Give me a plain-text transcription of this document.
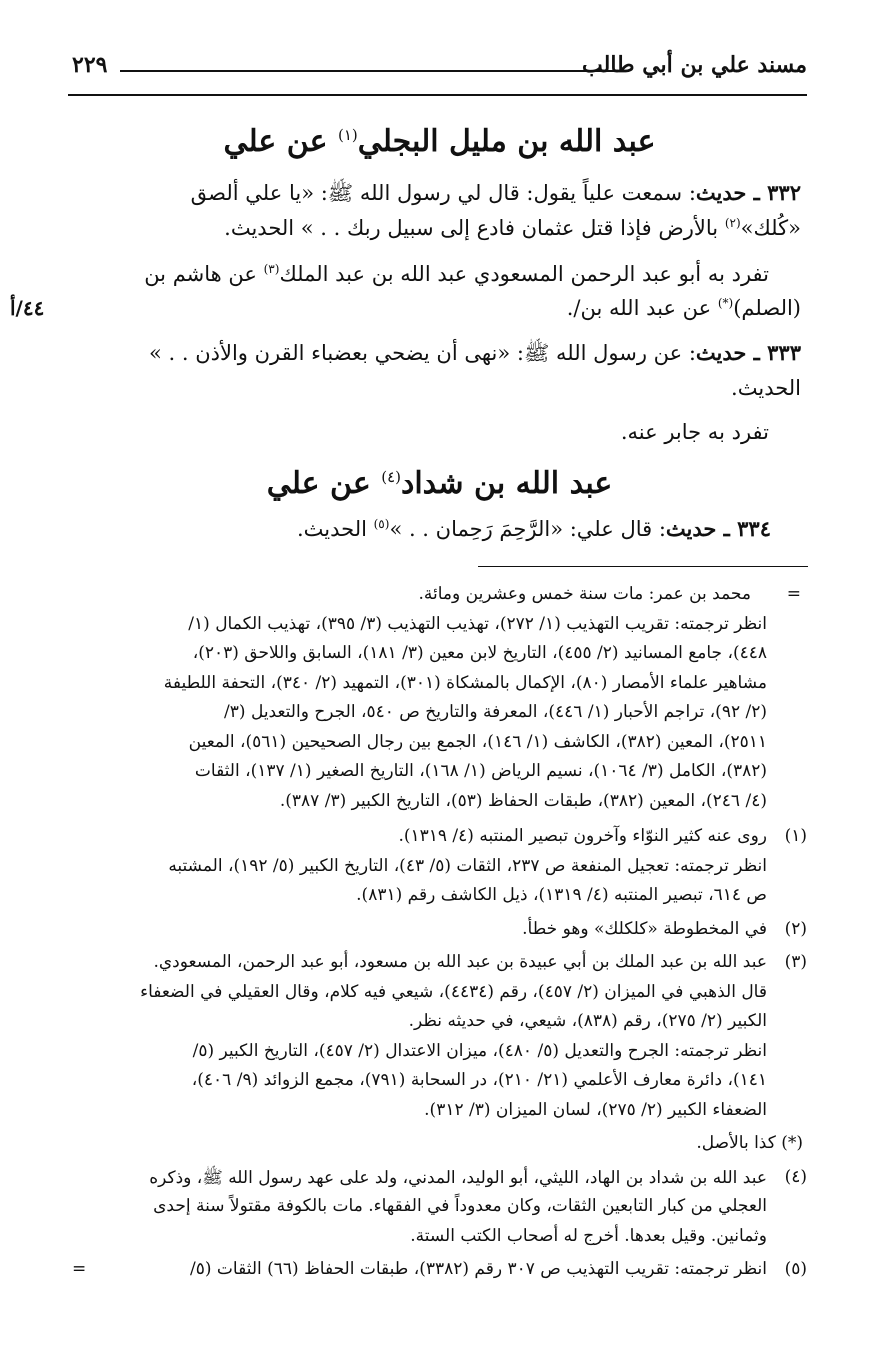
مسند علي بن أبي طالب
٢٢٩
عبد الله بن مليل البجلي$^{(١)}$ عن علي
٣٣٢ ـ حديث: سمعت علياً يقول: قال لي رسول الله ﷺ: «يا علي ألصق
«كُلك»$^{(٢)}$ بالأرض فإذا قتل عثمان فادع إلى سبيل ربك . . » الحديث.
تفرد به أبو عبد الرحمن المسعودي عبد الله بن عبد الملك$^{(٣)}$ عن هاشم بن
(الصلم)(*) عن عبد الله بن/.
٤٤/أ
٣٣٣ ـ حديث: عن رسول الله ﷺ: «نهى أن يضحي بعضباء القرن والأذن . . »
الحديث.
تفرد به جابر عنه.
عبد الله بن شداد$^{(٤)}$ عن علي
٣٣٤ ـ حديث: قال علي: «الرَّحِمَ رَحِمان . . »$^{(٥)}$ الحديث.
=
محمد بن عمر: مات سنة خمس وعشرين ومائة.
انظر ترجمته: تقريب التهذيب (١/ ٢٧٢)، تهذيب التهذيب (٣/ ٣٩٥)، تهذيب الكمال (١/
٤٤٨)، جامع المسانيد (٢/ ٤٥٥)، التاريخ لابن معين (٣/ ١٨١)، السابق واللاحق (٢٠٣)،
مشاهير علماء الأمصار (٨٠)، الإكمال بالمشكاة (٣٠١)، التمهيد (٢/ ٣٤٠)، التحفة اللطيفة
(٢/ ٩٢)، تراجم الأحبار (١/ ٤٤٦)، المعرفة والتاريخ ص ٥٤٠، الجرح والتعديل (٣/
٢٥١١)، المعين (٣٨٢)، الكاشف (١/ ١٤٦)، الجمع بين رجال الصحيحين (٥٦١)، المعين
(٣٨٢)، الكامل (٣/ ١٠٦٤)، نسيم الرياض (١/ ١٦٨)، التاريخ الصغير (١/ ١٣٧)، الثقات
(٤/ ٢٤٦)، المعين (٣٨٢)، طبقات الحفاظ (٥٣)، التاريخ الكبير (٣/ ٣٨٧).
(١)
روى عنه كثير النوّاء وآخرون تبصير المنتبه (٤/ ١٣١٩).
انظر ترجمته: تعجيل المنفعة ص ٢٣٧، الثقات (٥/ ٤٣)، التاريخ الكبير (٥/ ١٩٢)، المشتبه
ص ٦١٤، تبصير المنتبه (٤/ ١٣١٩)، ذيل الكاشف رقم (٨٣١).
(٢)
في المخطوطة «كلكلك» وهو خطأ.
(٣)
عبد الله بن عبد الملك بن أبي عبيدة بن عبد الله بن مسعود، أبو عبد الرحمن، المسعودي.
قال الذهبي في الميزان (٢/ ٤٥٧)، رقم (٤٤٣٤)، شيعي فيه كلام، وقال العقيلي في الضعفاء
الكبير (٢/ ٢٧٥)، رقم (٨٣٨)، شيعي، في حديثه نظر.
انظر ترجمته: الجرح والتعديل (٥/ ٤٨٠)، ميزان الاعتدال (٢/ ٤٥٧)، التاريخ الكبير (٥/
١٤١)، دائرة معارف الأعلمي (٢١/ ٢١٠)، در السحابة (٧٩١)، مجمع الزوائد (٩/ ٤٠٦)،
الضعفاء الكبير (٢/ ٢٧٥)، لسان الميزان (٣/ ٣١٢).
(*) كذا بالأصل.
(٤)
عبد الله بن شداد بن الهاد، الليثي، أبو الوليد، المدني، ولد على عهد رسول الله ﷺ، وذكره
العجلي من كبار التابعين الثقات، وكان معدوداً في الفقهاء. مات بالكوفة مقتولاً سنة إحدى
وثمانين. وقيل بعدها. أخرج له أصحاب الكتب الستة.
(٥)
انظر ترجمته: تقريب التهذيب ص ٣٠٧ رقم (٣٣٨٢)، طبقات الحفاظ (٦٦) الثقات (٥/
=
